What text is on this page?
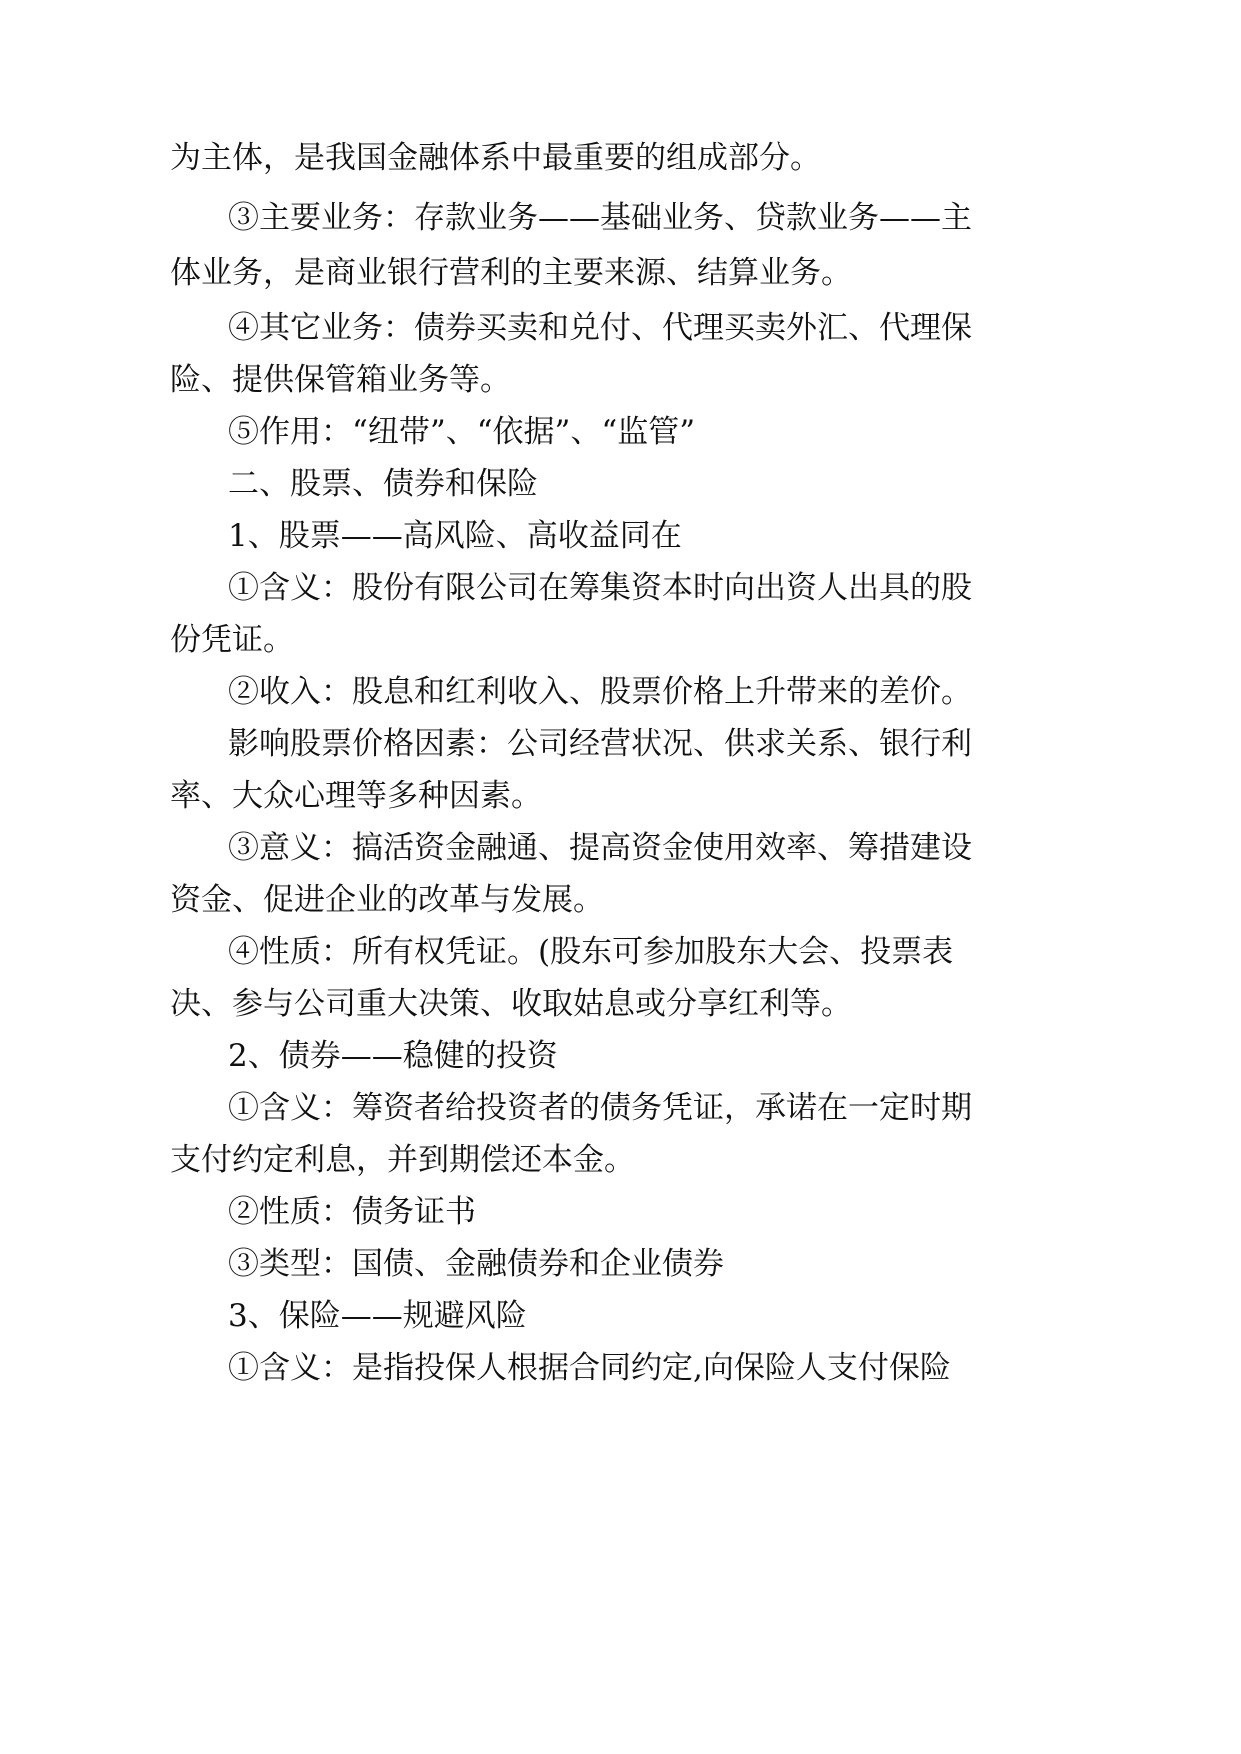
为主体，是我国金融体系中最重要的组成部分。

③主要业务：存款业务——基础业务、贷款业务——主

体业务，是商业银行营利的主要来源、结算业务。

④其它业务：债券买卖和兑付、代理买卖外汇、代理保

险、提供保管箱业务等。

⑤作用：“纽带”、“依据”、“监管”

二、股票、债券和保险

1、股票——高风险、高收益同在

①含义：股份有限公司在筹集资本时向出资人出具的股

份凭证。

②收入：股息和红利收入、股票价格上升带来的差价。

影响股票价格因素：公司经营状况、供求关系、银行利

率、大众心理等多种因素。

③意义：搞活资金融通、提高资金使用效率、筹措建设

资金、促进企业的改革与发展。

④性质：所有权凭证。(股东可参加股东大会、投票表

决、参与公司重大决策、收取姑息或分享红利等。

2、债券——稳健的投资

①含义：筹资者给投资者的债务凭证，承诺在一定时期

支付约定利息，并到期偿还本金。

②性质：债务证书

③类型：国债、金融债券和企业债券

3、保险——规避风险

①含义：是指投保人根据合同约定,向保险人支付保险
